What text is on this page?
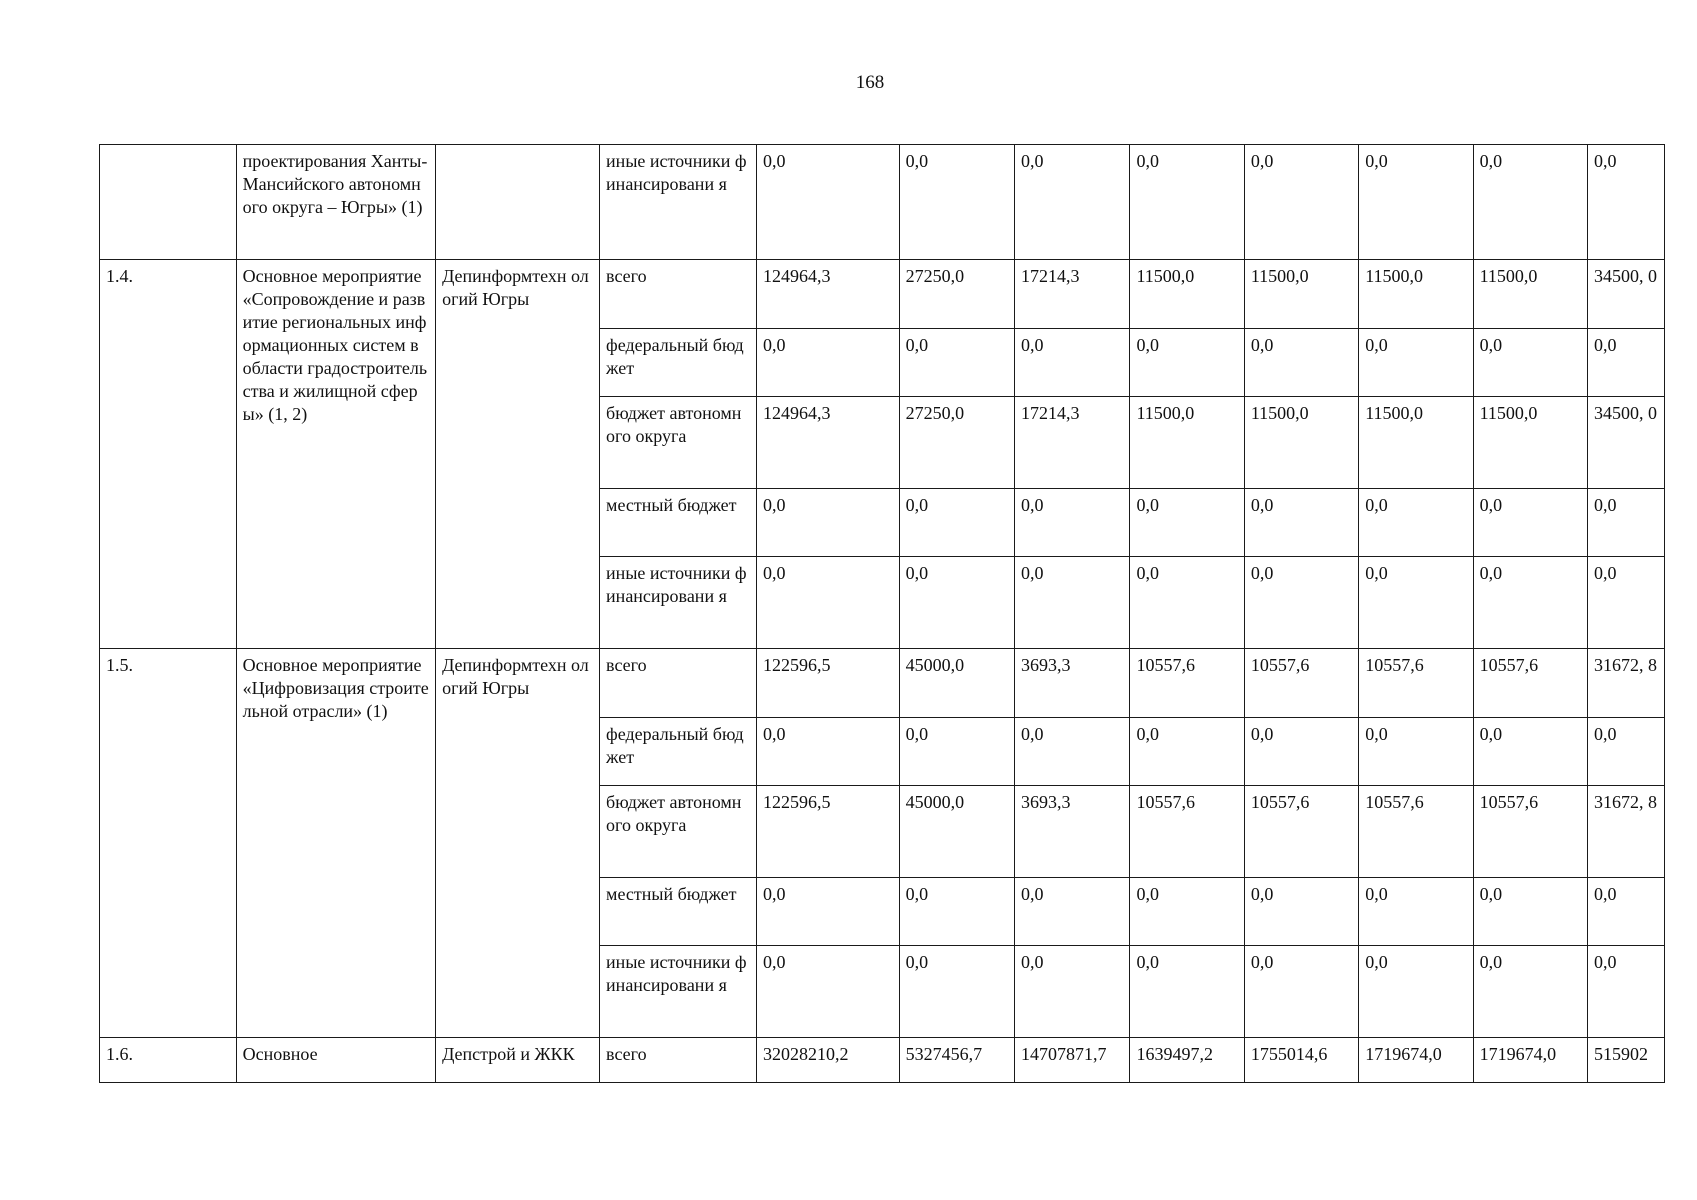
168
	проектирования Ханты-Мансийского автономного округа – Югры» (1)		иные источники финансировани я	0,0	0,0	0,0	0,0	0,0	0,0	0,0	0,0
1.4.	Основное мероприятие «Сопровождение и развитие региональных информационных систем в области градостроительства и жилищной сферы» (1, 2)	Депинформтехн ологий Югры	всего	124964,3	27250,0	17214,3	11500,0	11500,0	11500,0	11500,0	34500, 0
			федеральный бюджет	0,0	0,0	0,0	0,0	0,0	0,0	0,0	0,0
			бюджет автономного округа	124964,3	27250,0	17214,3	11500,0	11500,0	11500,0	11500,0	34500, 0
			местный бюджет	0,0	0,0	0,0	0,0	0,0	0,0	0,0	0,0
			иные источники финансировани я	0,0	0,0	0,0	0,0	0,0	0,0	0,0	0,0
1.5.	Основное мероприятие «Цифровизация строительной отрасли» (1)	Депинформтехн ологий Югры	всего	122596,5	45000,0	3693,3	10557,6	10557,6	10557,6	10557,6	31672, 8
			федеральный бюджет	0,0	0,0	0,0	0,0	0,0	0,0	0,0	0,0
			бюджет автономного округа	122596,5	45000,0	3693,3	10557,6	10557,6	10557,6	10557,6	31672, 8
			местный бюджет	0,0	0,0	0,0	0,0	0,0	0,0	0,0	0,0
			иные источники финансировани я	0,0	0,0	0,0	0,0	0,0	0,0	0,0	0,0
1.6.	Основное	Депстрой и ЖКК	всего	32028210,2	5327456,7	14707871,7	1639497,2	1755014,6	1719674,0	1719674,0	515902
